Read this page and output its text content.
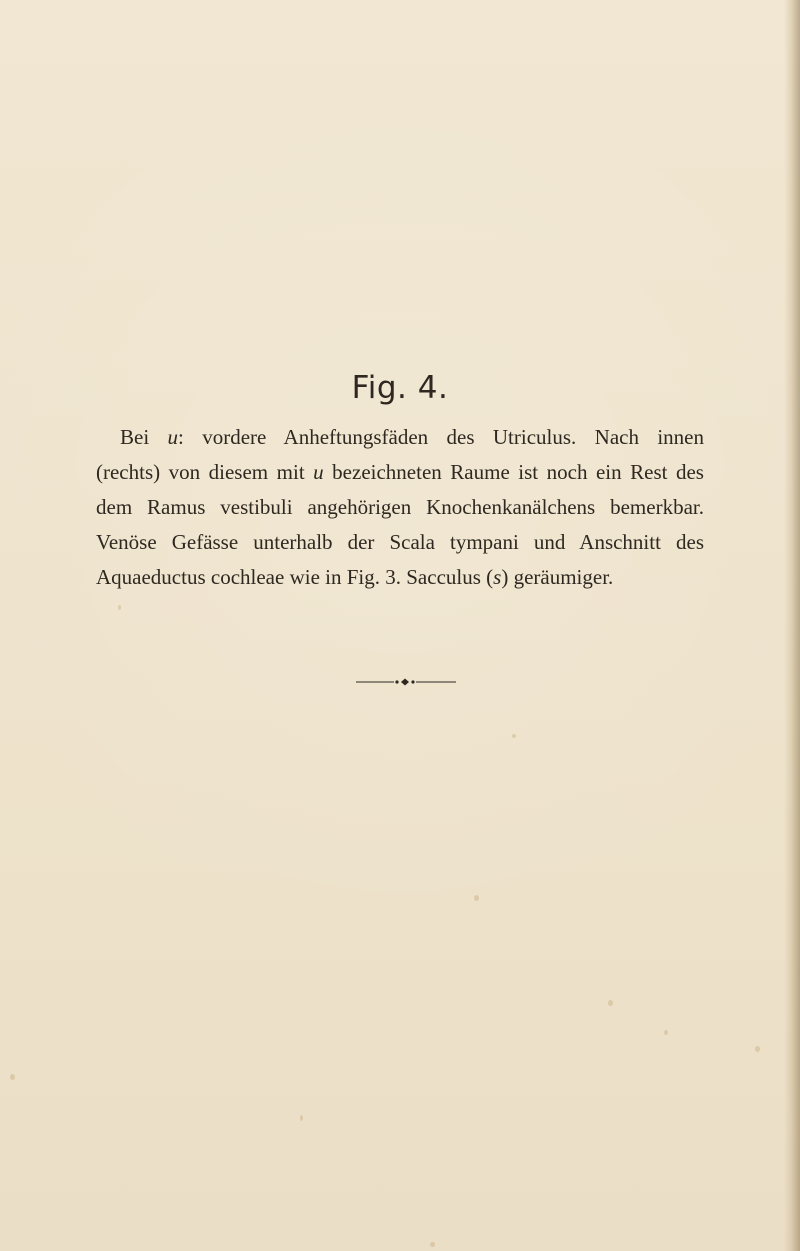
Fig. 4.
Bei u: vordere Anheftungsfäden des Utriculus. Nach innen
(rechts) von diesem mit u bezeichneten Raume ist noch ein Rest des
dem Ramus vestibuli angehörigen Knochenkanälchens bemerkbar.
Venöse Gefässe unterhalb der Scala tympani und Anschnitt des
Aquaeductus cochleae wie in Fig. 3. Sacculus (s) geräumiger.
